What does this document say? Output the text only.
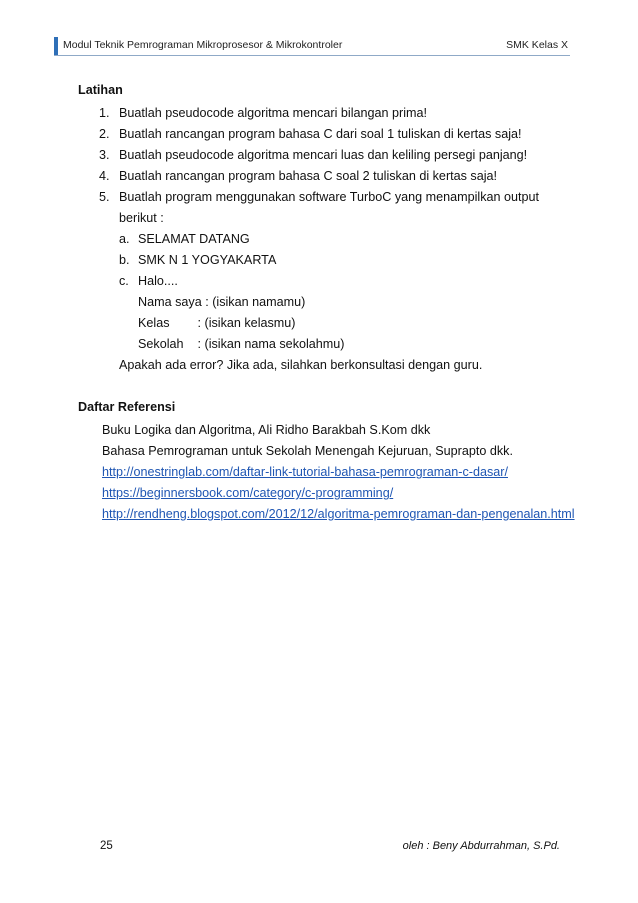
Modul Teknik Pemrograman Mikroprosesor & Mikrokontroler	SMK Kelas X

Latihan

1. Buatlah pseudocode algoritma mencari bilangan prima!
2. Buatlah rancangan program bahasa C dari soal 1 tuliskan di kertas saja!
3. Buatlah pseudocode algoritma mencari luas dan keliling persegi panjang!
4. Buatlah rancangan program bahasa C soal 2 tuliskan di kertas saja!
5. Buatlah program menggunakan software TurboC yang menampilkan output berikut :
a. SELAMAT DATANG
b. SMK N 1 YOGYAKARTA
c. Halo....
Nama saya : (isikan namamu)
Kelas : (isikan kelasmu)
Sekolah : (isikan nama sekolahmu)
Apakah ada error? Jika ada, silahkan berkonsultasi dengan guru.

Daftar Referensi

Buku Logika dan Algoritma, Ali Ridho Barakbah S.Kom dkk
Bahasa Pemrograman untuk Sekolah Menengah Kejuruan, Suprapto dkk.
http://onestringlab.com/daftar-link-tutorial-bahasa-pemrograman-c-dasar/
https://beginnersbook.com/category/c-programming/
http://rendheng.blogspot.com/2012/12/algoritma-pemrograman-dan-pengenalan.html
25	oleh : Beny Abdurrahman, S.Pd.
